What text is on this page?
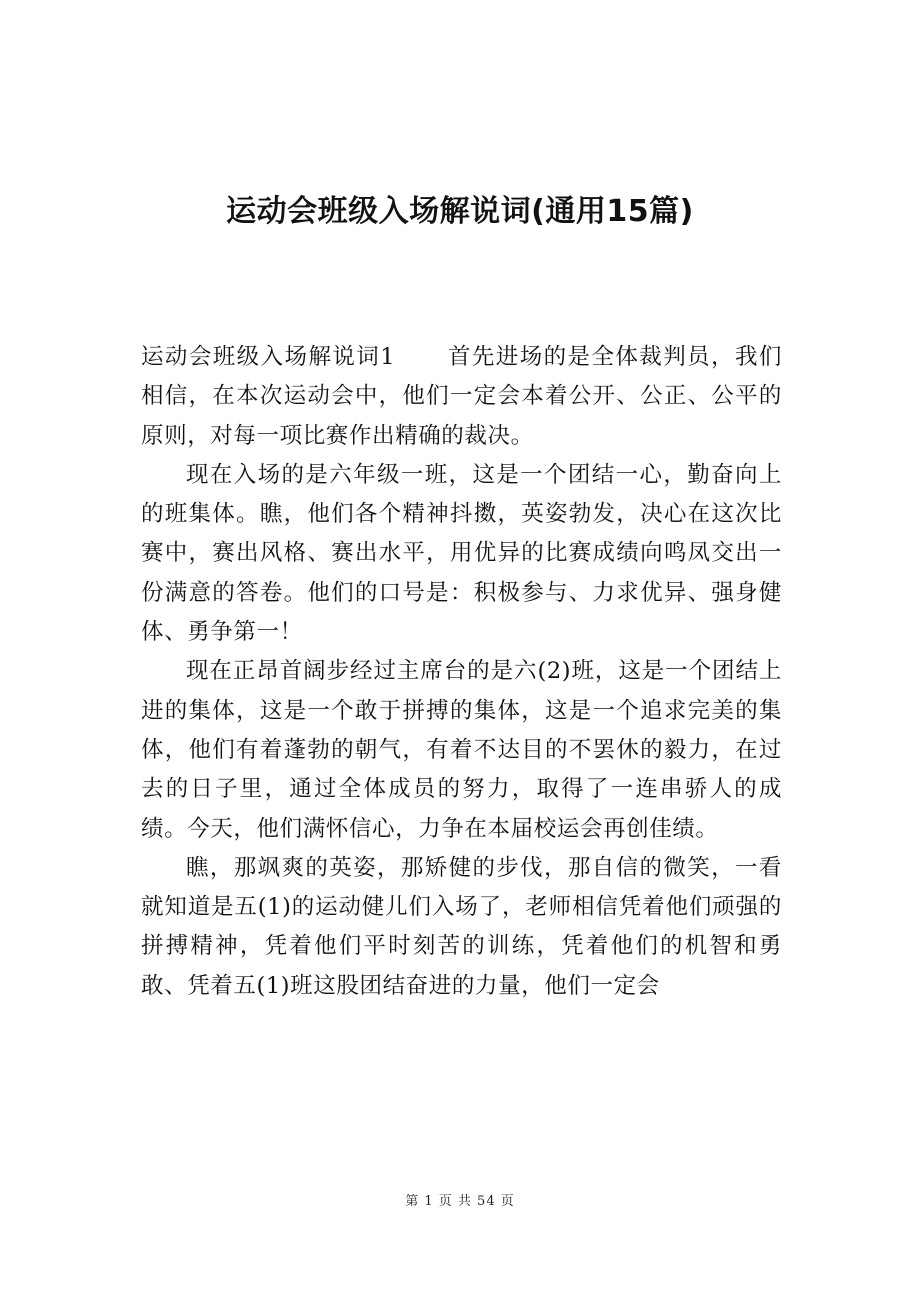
运动会班级入场解说词(通用15篇)

运动会班级入场解说词1 首先进场的是全体裁判员，我们相信，在本次运动会中，他们一定会本着公开、公正、公平的原则，对每一项比赛作出精确的裁决。

现在入场的是六年级一班，这是一个团结一心，勤奋向上的班集体。瞧，他们各个精神抖擞，英姿勃发，决心在这次比赛中，赛出风格、赛出水平，用优异的比赛成绩向鸣凤交出一份满意的答卷。他们的口号是：积极参与、力求优异、强身健体、勇争第一！

现在正昂首阔步经过主席台的是六(2)班，这是一个团结上进的集体，这是一个敢于拼搏的集体，这是一个追求完美的集体，他们有着蓬勃的朝气，有着不达目的不罢休的毅力，在过去的日子里，通过全体成员的努力，取得了一连串骄人的成绩。今天，他们满怀信心，力争在本届校运会再创佳绩。

瞧，那飒爽的英姿，那矫健的步伐，那自信的微笑，一看就知道是五(1)的运动健儿们入场了，老师相信凭着他们顽强的拼搏精神，凭着他们平时刻苦的训练，凭着他们的机智和勇敢、凭着五(1)班这股团结奋进的力量，他们一定会

第 1 页 共 54 页
